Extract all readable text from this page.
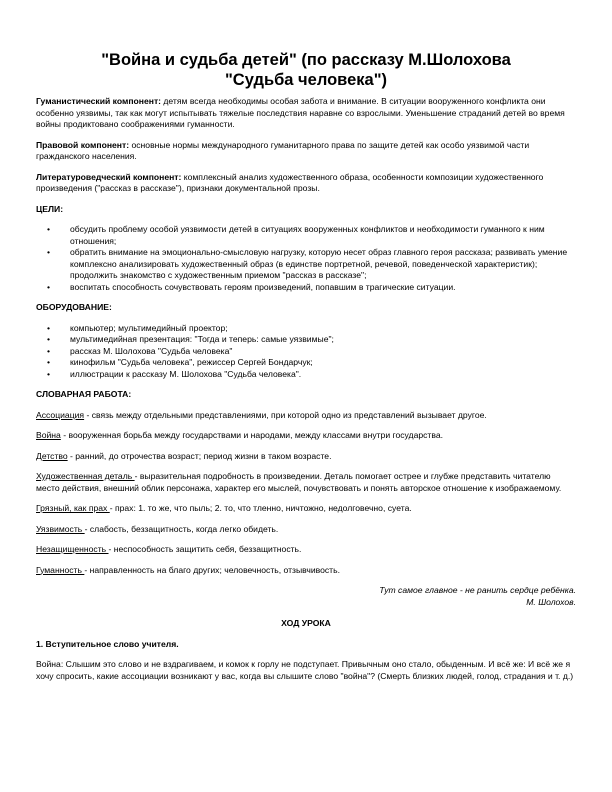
"Война и судьба детей" (по рассказу М.Шолохова
"Судьба человека")

Гуманистический компонент: детям всегда необходимы особая забота и внимание. В ситуации вооруженного конфликта они особенно уязвимы, так как могут испытывать тяжелые последствия наравне со взрослыми. Уменьшение страданий детей во время войны продиктовано соображениями гуманности.

Правовой компонент: основные нормы международного гуманитарного права по защите детей как особо уязвимой части гражданского населения.

Литературоведческий компонент: комплексный анализ художественного образа, особенности композиции художественного произведения ("рассказ в рассказе"), признаки документальной прозы.

ЦЕЛИ:

• обсудить проблему особой уязвимости детей в ситуациях вооруженных конфликтов и необходимости гуманного к ним отношения;
• обратить внимание на эмоционально-смысловую нагрузку, которую несет образ главного героя рассказа; развивать умение комплексно анализировать художественный образ (в единстве портретной, речевой, поведенческой характеристик); продолжить знакомство с художественным приемом "рассказ в рассказе";
• воспитать способность сочувствовать героям произведений, попавшим в трагические ситуации.

ОБОРУДОВАНИЕ:

• компьютер; мультимедийный проектор;
• мультимедийная презентация: "Тогда и теперь: самые уязвимые";
• рассказ М. Шолохова "Судьба человека"
• кинофильм "Судьба человека", режиссер Сергей Бондарчук;
• иллюстрации к рассказу М. Шолохова "Судьба человека".

СЛОВАРНАЯ РАБОТА:

Ассоциация - связь между отдельными представлениями, при которой одно из представлений вызывает другое.

Война - вооруженная борьба между государствами и народами, между классами внутри государства.

Детство - ранний, до отрочества возраст; период жизни в таком возрасте.

Художественная деталь - выразительная подробность в произведении. Деталь помогает острее и глубже представить читателю место действия, внешний облик персонажа, характер его мыслей, почувствовать и понять авторское отношение к изображаемому.

Грязный, как прах - прах: 1. то же, что пыль; 2. то, что тленно, ничтожно, недолговечно, суета.

Уязвимость - слабость, беззащитность, когда легко обидеть.

Незащищенность - неспособность защитить себя, беззащитность.

Гуманность - направленность на благо других; человечность, отзывчивость.

Тут самое главное - не ранить сердце ребёнка.
М. Шолохов.

ХОД УРОКА

1. Вступительное слово учителя.

Война: Слышим это слово и не вздрагиваем, и комок к горлу не подступает. Привычным оно стало, обыденным. И всё же: И всё же я хочу спросить, какие ассоциации возникают у вас, когда вы слышите слово "война"? (Смерть близких людей, голод, страдания и т. д.)
